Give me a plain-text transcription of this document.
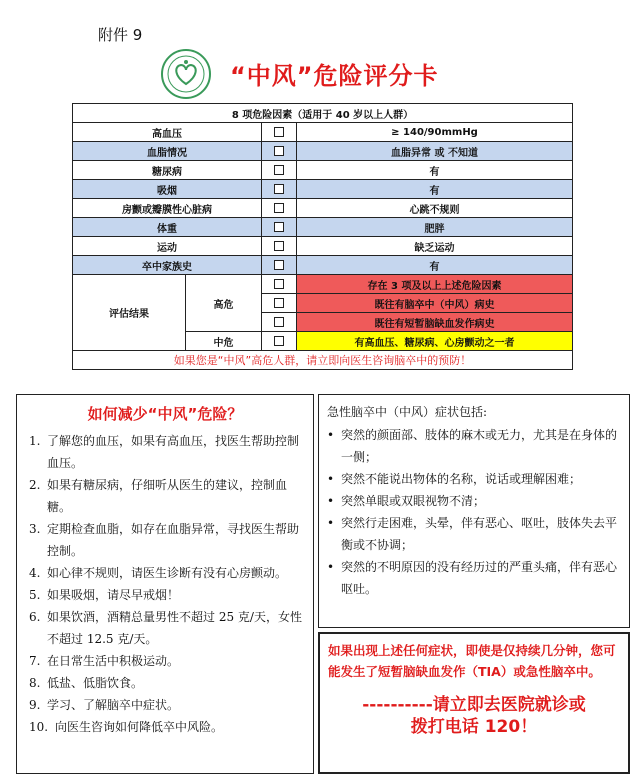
附件 9
“中风”危险评分卡
8 项危险因素（适用于 40 岁以上人群）			
高血压			≥ 140/90mmHg
血脂情况			血脂异常 或 不知道
糖尿病			有
吸烟			有
房颤或瓣膜性心脏病			心跳不规则
体重			肥胖
运动			缺乏运动
卒中家族史			有
评估结果	高危		存在 3 项及以上上述危险因素
			既往有脑卒中（中风）病史
			既往有短暂脑缺血发作病史
	中危		有高血压、糖尿病、心房颤动之一者
如果您是“中风”高危人群，请立即向医生咨询脑卒中的预防！			
如何减少“中风”危险？
1. 了解您的血压，如果有高血压，找医生帮助控制血压。
2. 如果有糖尿病，仔细听从医生的建议，控制血糖。
3. 定期检查血脂，如存在血脂异常，寻找医生帮助控制。
4. 如心律不规则，请医生诊断有没有心房颤动。
5. 如果吸烟，请尽早戒烟！
6. 如果饮酒，酒精总量男性不超过 25 克/天，女性不超过 12.5 克/天。
7. 在日常生活中积极运动。
8. 低盐、低脂饮食。
9. 学习、了解脑卒中症状。
10. 向医生咨询如何降低卒中风险。
急性脑卒中（中风）症状包括:
• 突然的颜面部、肢体的麻木或无力，尤其是在身体的一侧；
• 突然不能说出物体的名称，说话或理解困难；
• 突然单眼或双眼视物不清；
• 突然行走困难，头晕，伴有恶心、呕吐，肢体失去平衡或不协调；
• 突然的不明原因的没有经历过的严重头痛，伴有恶心呕吐。
如果出现上述任何症状，即使是仅持续几分钟，您可能发生了短暂脑缺血发作（TIA）或急性脑卒中。
----------请立即去医院就诊或
拨打电话 120！
